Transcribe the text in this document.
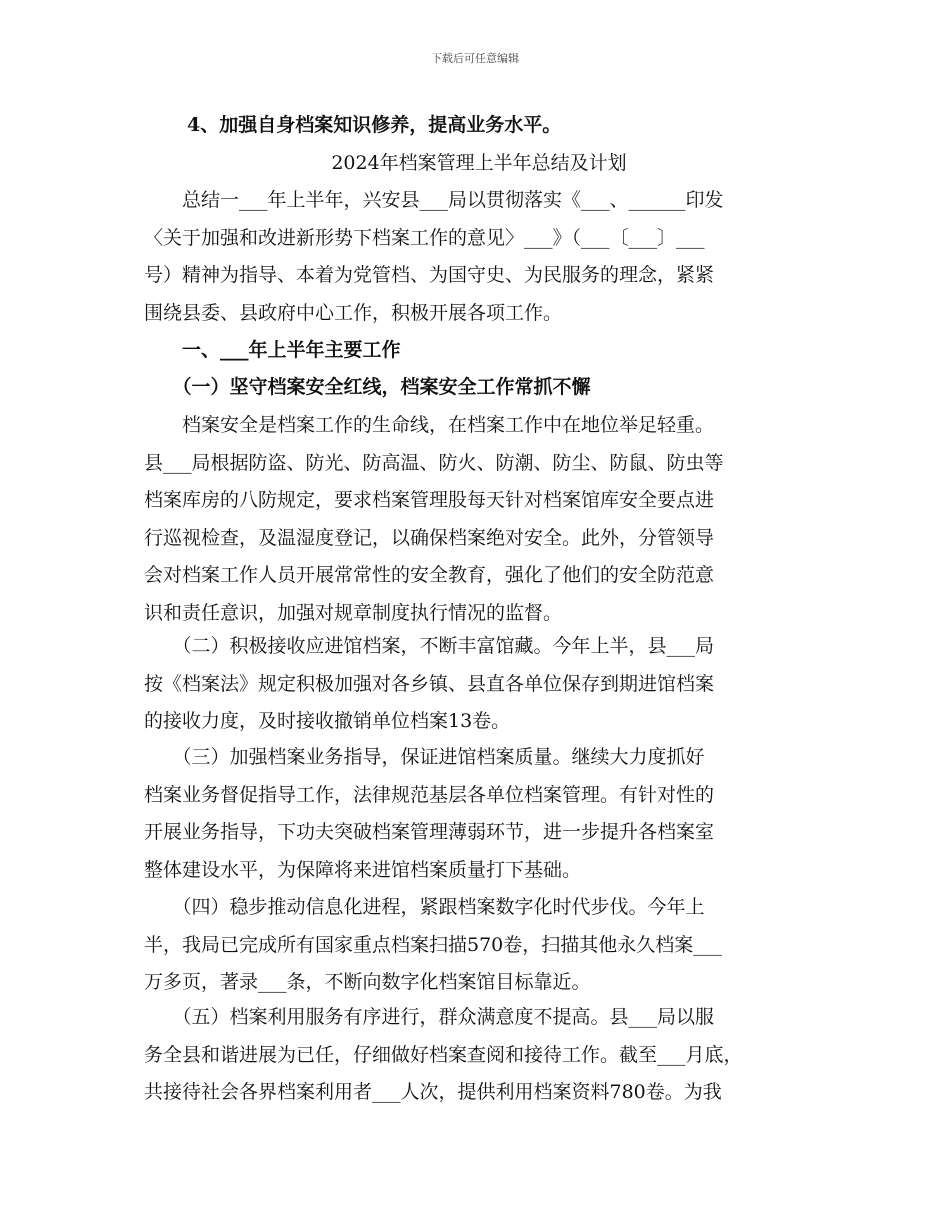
下载后可任意编辑
4、加强自身档案知识修养，提高业务水平。
2024年档案管理上半年总结及计划
　　总结一___年上半年，兴安县___局以贯彻落实《___、______印发
〈关于加强和改进新形势下档案工作的意见〉___》（___〔___〕___
号）精神为指导、本着为党管档、为国守史、为民服务的理念，紧紧
围绕县委、县政府中心工作，积极开展各项工作。
　　一、___年上半年主要工作
　　（一）坚守档案安全红线，档案安全工作常抓不懈
　　档案安全是档案工作的生命线，在档案工作中在地位举足轻重。
县___局根据防盗、防光、防高温、防火、防潮、防尘、防鼠、防虫等
档案库房的八防规定，要求档案管理股每天针对档案馆库安全要点进
行巡视检查，及温湿度登记，以确保档案绝对安全。此外，分管领导
会对档案工作人员开展常常性的安全教育，强化了他们的安全防范意
识和责任意识，加强对规章制度执行情况的监督。
　　（二）积极接收应进馆档案，不断丰富馆藏。今年上半，县___局
按《档案法》规定积极加强对各乡镇、县直各单位保存到期进馆档案
的接收力度，及时接收撤销单位档案13卷。
　　（三）加强档案业务指导，保证进馆档案质量。继续大力度抓好
档案业务督促指导工作，法律规范基层各单位档案管理。有针对性的
开展业务指导，下功夫突破档案管理薄弱环节，进一步提升各档案室
整体建设水平，为保障将来进馆档案质量打下基础。
　　（四）稳步推动信息化进程，紧跟档案数字化时代步伐。今年上
半，我局已完成所有国家重点档案扫描570卷，扫描其他永久档案___
万多页，著录___条，不断向数字化档案馆目标靠近。
　　（五）档案利用服务有序进行，群众满意度不提高。县___局以服
务全县和谐进展为已任，仔细做好档案查阅和接待工作。截至___月底，
共接待社会各界档案利用者___人次，提供利用档案资料780卷。为我
